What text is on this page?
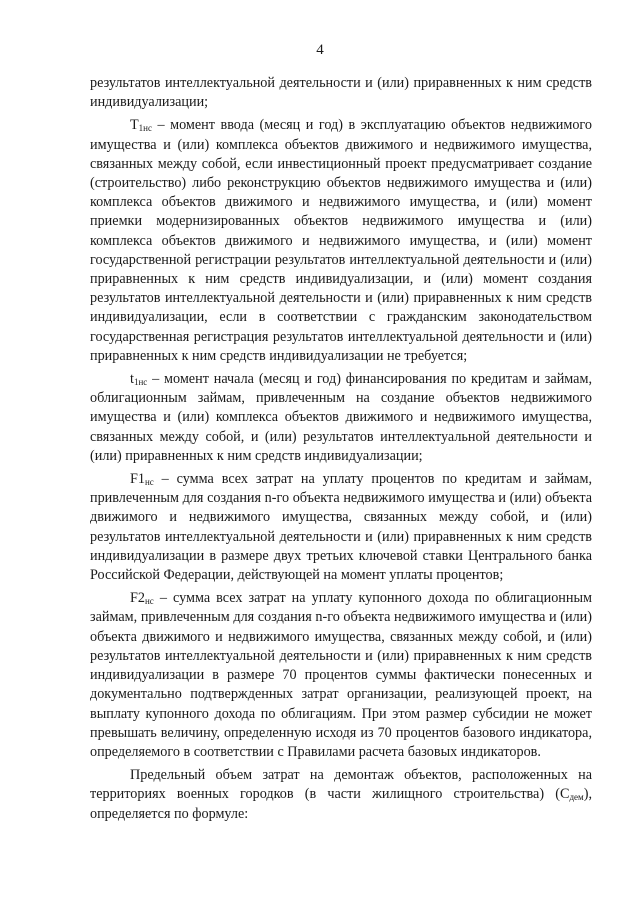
4

результатов интеллектуальной деятельности и (или) приравненных к ним средств индивидуализации;

$T_{1нс}$ – момент ввода (месяц и год) в эксплуатацию объектов недвижимого имущества и (или) комплекса объектов движимого и недвижимого имущества, связанных между собой, если инвестиционный проект предусматривает создание (строительство) либо реконструкцию объектов недвижимого имущества и (или) комплекса объектов движимого и недвижимого имущества, и (или) момент приемки модернизированных объектов недвижимого имущества и (или) комплекса объектов движимого и недвижимого имущества, и (или) момент государственной регистрации результатов интеллектуальной деятельности и (или) приравненных к ним средств индивидуализации, и (или) момент создания результатов интеллектуальной деятельности и (или) приравненных к ним средств индивидуализации, если в соответствии с гражданским законодательством государственная регистрация результатов интеллектуальной деятельности и (или) приравненных к ним средств индивидуализации не требуется;

$t_{1нс}$ – момент начала (месяц и год) финансирования по кредитам и займам, облигационным займам, привлеченным на создание объектов недвижимого имущества и (или) комплекса объектов движимого и недвижимого имущества, связанных между собой, и (или) результатов интеллектуальной деятельности и (или) приравненных к ним средств индивидуализации;

$F1_{нс}$ – сумма всех затрат на уплату процентов по кредитам и займам, привлеченным для создания n-го объекта недвижимого имущества и (или) объекта движимого и недвижимого имущества, связанных между собой, и (или) результатов интеллектуальной деятельности и (или) приравненных к ним средств индивидуализации в размере двух третьих ключевой ставки Центрального банка Российской Федерации, действующей на момент уплаты процентов;

$F2_{нс}$ – сумма всех затрат на уплату купонного дохода по облигационным займам, привлеченным для создания n-го объекта недвижимого имущества и (или) объекта движимого и недвижимого имущества, связанных между собой, и (или) результатов интеллектуальной деятельности и (или) приравненных к ним средств индивидуализации в размере 70 процентов суммы фактически понесенных и документально подтвержденных затрат организации, реализующей проект, на выплату купонного дохода по облигациям. При этом размер субсидии не может превышать величину, определенную исходя из 70 процентов базового индикатора, определяемого в соответствии с Правилами расчета базовых индикаторов.

Предельный объем затрат на демонтаж объектов, расположенных на территориях военных городков (в части жилищного строительства) $(С_{дем})$, определяется по формуле:
